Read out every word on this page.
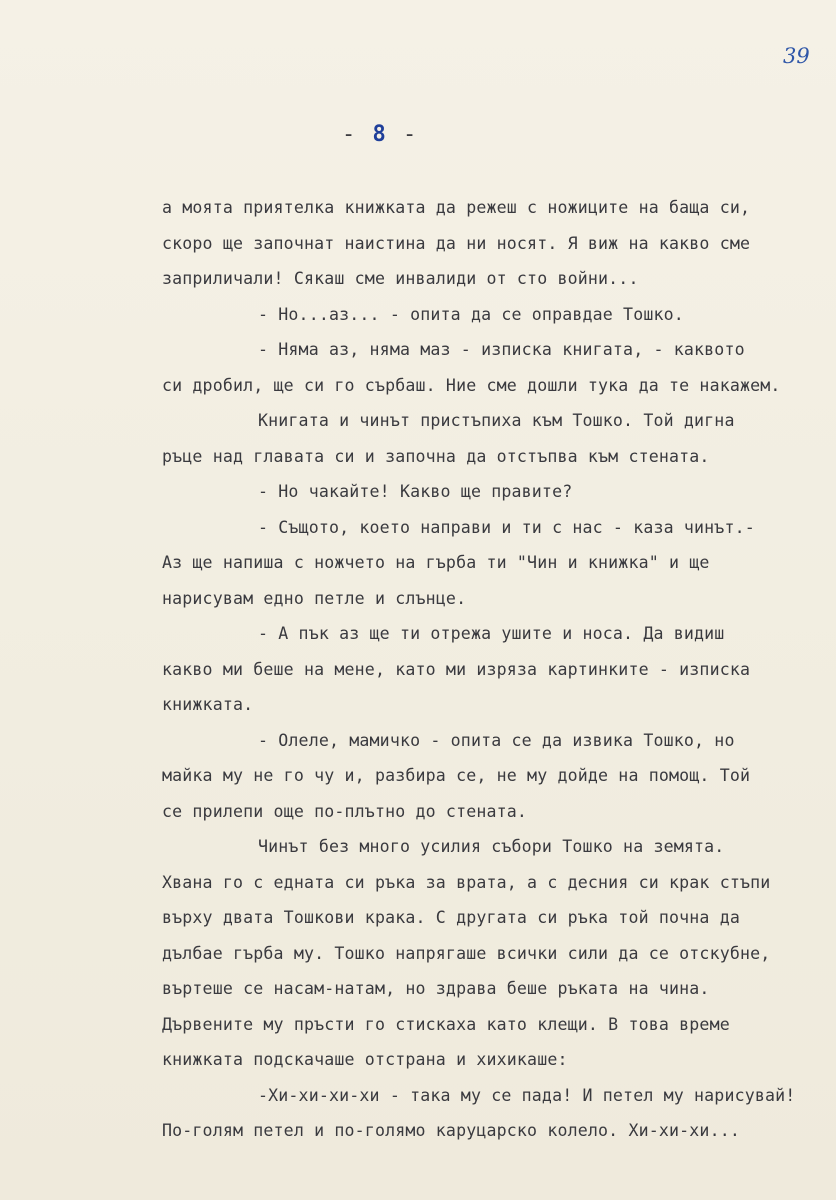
39
- 8 -
а моята приятелка книжката да режеш с ножиците на баща си,
скоро ще започнат наистина да ни носят. Я виж на какво сме
заприличали! Сякаш сме инвалиди от сто войни...
- Но...аз... - опита да се оправдае Тошко.
- Няма аз, няма маз - изписка книгата, - каквото
си дробил, ще си го сърбаш. Ние сме дошли тука да те накажем.
Книгата и чинът пристъпиха към Тошко. Той дигна
ръце над главата си и започна да отстъпва към стената.
- Но чакайте! Какво ще правите?
- Същото, което направи и ти с нас - каза чинът.-
Аз ще напиша с ножчето на гърба ти "Чин и книжка" и ще
нарисувам едно петле и слънце.
- А пък аз ще ти отрежа ушите и носа. Да видиш
какво ми беше на мене, като ми изряза картинките - изписка
книжката.
- Олеле, мамичко - опита се да извика Тошко, но
майка му не го чу и, разбира се, не му дойде на помощ. Той
се прилепи още по-плътно до стената.
Чинът без много усилия събори Тошко на земята.
Хвана го с едната си ръка за врата, а с десния си крак стъпи
върху двата Тошкови крака. С другата си ръка той почна да
дълбае гърба му. Тошко напрягаше всички сили да се отскубне,
въртеше се насам-натам, но здрава беше ръката на чина.
Дървените му пръсти го стискаха като клещи. В това време
книжката подскачаше отстрана и хихикаше:
-Хи-хи-хи-хи - така му се пада! И петел му нарисувай!
По-голям петел и по-голямо каруцарско колело. Хи-хи-хи...
